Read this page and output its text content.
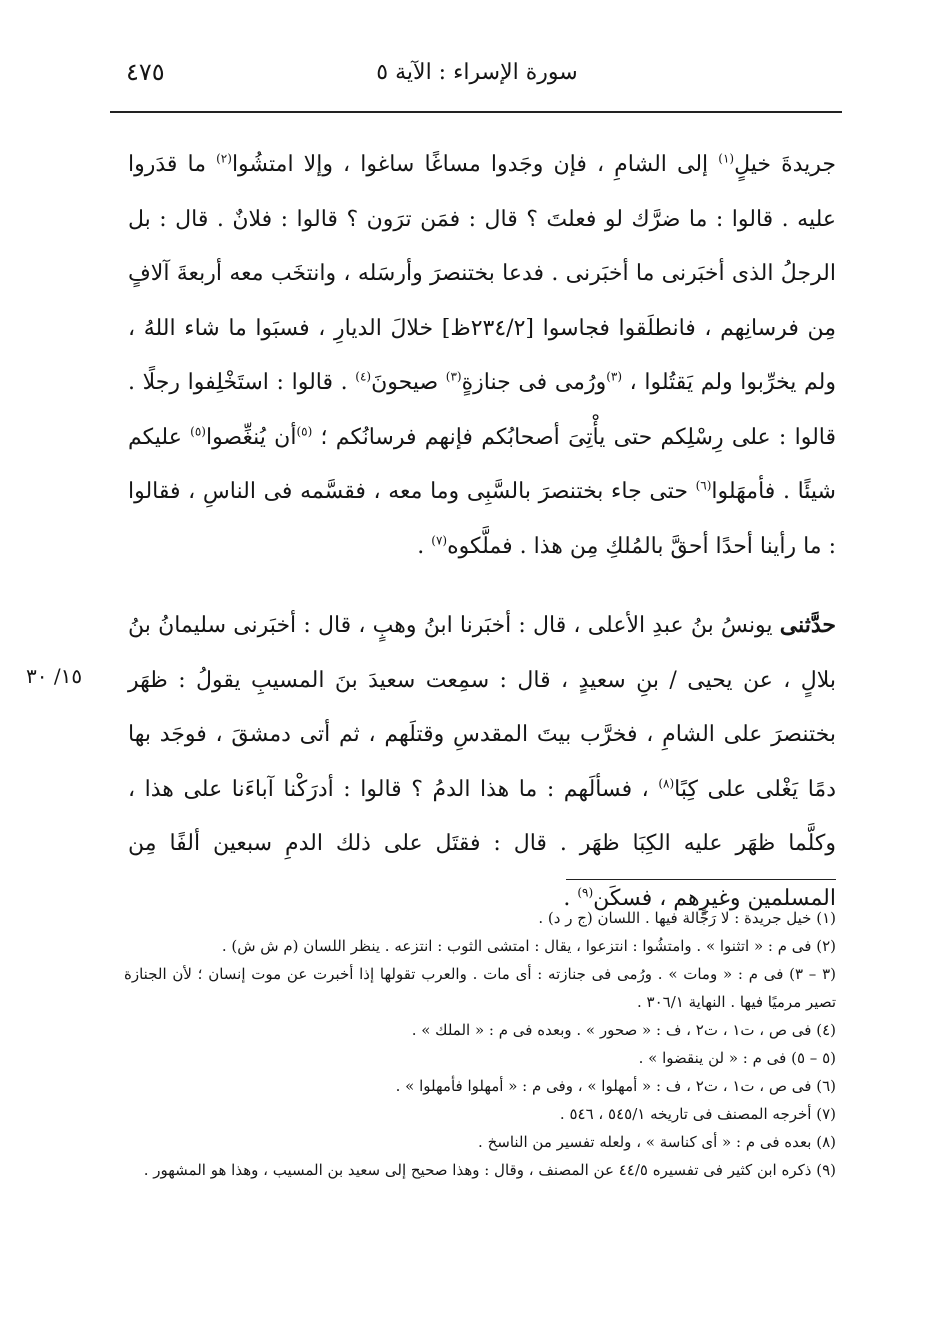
٤٧٥	سورة الإسراء : الآية ٥

جريدةَ خيلٍ$^{(١)}$ إلى الشامِ ، فإن وجَدوا مساغًا ساغوا ، وإلا امتشُوا$^{(٢)}$ ما قدَروا عليه . قالوا : ما ضرَّك لو فعلتَ ؟ قال : فمَن ترَون ؟ قالوا : فلانٌ . قال : بل الرجلُ الذى أخبَرنى ما أخبَرنى . فدعا بختنصرَ وأرسَله ، وانتخَب معه أربعةَ آلافٍ مِن فرسانِهم ، فانطلَقوا فجاسوا [٢٣٤/٢ظ] خلالَ الديارِ ، فسبَوا ما شاء اللهُ ، ولم يخرِّبوا ولم يَقتُلوا ، $^{(٣)}$ورُمى فى جنازةٍ$^{(٣)}$ صيحونَ$^{(٤)}$ . قالوا : استَخْلِفوا رجلًا . قالوا : على رِسْلِكم حتى يأْتِىَ أصحابُكم فإنهم فرسانُكم ؛ $^{(٥)}$أن يُنغِّصوا$^{(٥)}$ عليكم شيئًا . فأمهَلوا$^{(٦)}$ حتى جاء بختنصرَ بالسَّبِى وما معه ، فقسَّمه فى الناسِ ، فقالوا : ما رأينا أحدًا أحقَّ بالمُلكِ مِن هذا . فملَّكوه$^{(٧)}$ .

حدَّثنى يونسُ بنُ عبدِ الأعلى ، قال : أخبَرنا ابنُ وهبٍ ، قال : أخبَرنى سليمانُ بنُ بلالٍ ، عن يحيى / بنِ سعيدٍ ، قال : سمِعت سعيدَ بنَ المسيبِ يقولُ : ظهَر بختنصرَ على الشامِ ، فخرَّب بيتَ المقدسِ وقتلَهم ، ثم أتى دمشقَ ، فوجَد بها دمًا يَغْلى على كِبًا$^{(٨)}$ ، فسألَهم : ما هذا الدمُ ؟ قالوا : أدرَكْنا آباءَنا على هذا ، وكلَّما ظهَر عليه الكِبَا ظهَر . قال : فقتَل على ذلك الدمِ سبعين ألفًا مِن المسلمين وغيرِهم ، فسكَن$^{(٩)}$ .

١٥/ ٣٠

(١) خيل جريدة : لا رَجَّالة فيها . اللسان (ج ر د) .

(٢) فى م : « اتثنوا » . وامتشُوا : انتزعوا ، يقال : امتشى الثوب : انتزعه . ينظر اللسان (م ش ش) .

(٣ – ٣) فى م : « ومات » . ورُمى فى جنازته : أى مات . والعرب تقولها إذا أخبرت عن موت إنسان ؛ لأن الجنازة تصير مرميًا فيها . النهاية ٣٠٦/١ .

(٤) فى ص ، ت١ ، ت٢ ، ف : « صحور » . وبعده فى م : « الملك » .

(٥ – ٥) فى م : « لن ينقضوا » .

(٦) فى ص ، ت١ ، ت٢ ، ف : « أمهلوا » ، وفى م : « أمهلوا فأمهلوا » .

(٧) أخرجه المصنف فى تاريخه ٥٤٥/١ ، ٥٤٦ .

(٨) بعده فى م : « أى كناسة » ، ولعله تفسير من الناسخ .

(٩) ذكره ابن كثير فى تفسيره ٤٤/٥ عن المصنف ، وقال : وهذا صحيح إلى سعيد بن المسيب ، وهذا هو المشهور .
